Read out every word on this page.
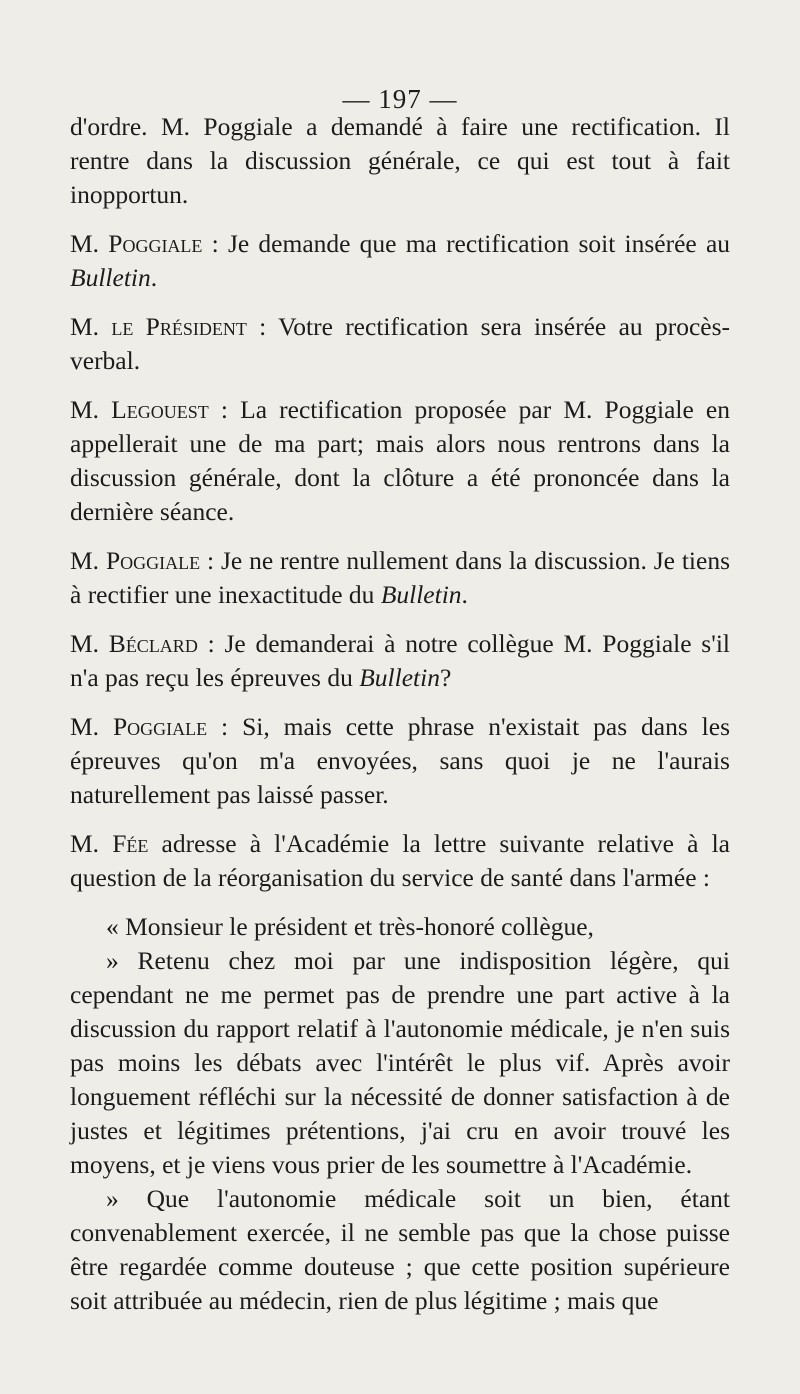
— 197 —

d'ordre. M. Poggiale a demandé à faire une rectification. Il rentre dans la discussion générale, ce qui est tout à fait inopportun.

M. Poggiale : Je demande que ma rectification soit insérée au Bulletin.

M. le Président : Votre rectification sera insérée au procès-verbal.

M. Legouest : La rectification proposée par M. Poggiale en appellerait une de ma part; mais alors nous rentrons dans la discussion générale, dont la clôture a été prononcée dans la dernière séance.

M. Poggiale : Je ne rentre nullement dans la discussion. Je tiens à rectifier une inexactitude du Bulletin.

M. Béclard : Je demanderai à notre collègue M. Poggiale s'il n'a pas reçu les épreuves du Bulletin?

M. Poggiale : Si, mais cette phrase n'existait pas dans les épreuves qu'on m'a envoyées, sans quoi je ne l'aurais naturellement pas laissé passer.

M. Fée adresse à l'Académie la lettre suivante relative à la question de la réorganisation du service de santé dans l'armée :

« Monsieur le président et très-honoré collègue,

» Retenu chez moi par une indisposition légère, qui cependant ne me permet pas de prendre une part active à la discussion du rapport relatif à l'autonomie médicale, je n'en suis pas moins les débats avec l'intérêt le plus vif. Après avoir longuement réfléchi sur la nécessité de donner satisfaction à de justes et légitimes prétentions, j'ai cru en avoir trouvé les moyens, et je viens vous prier de les soumettre à l'Académie.

» Que l'autonomie médicale soit un bien, étant convenablement exercée, il ne semble pas que la chose puisse être regardée comme douteuse ; que cette position supérieure soit attribuée au médecin, rien de plus légitime ; mais que
